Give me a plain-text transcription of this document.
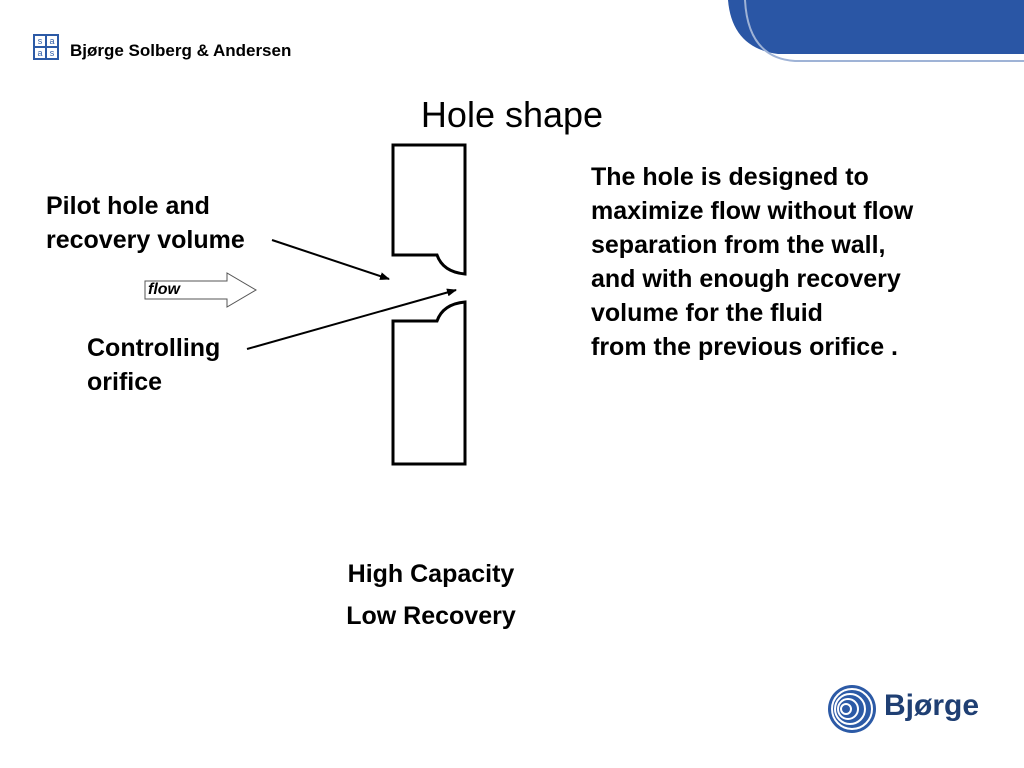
s a
a s Bjørge Solberg & Andersen
Hole shape
flow
Pilot hole and
recovery volume
Controlling
orifice
The hole is designed to
maximize flow without flow
separation from the wall,
and with enough recovery
volume for the fluid
from the previous orifice .
High Capacity
Low Recovery
Bjørge
